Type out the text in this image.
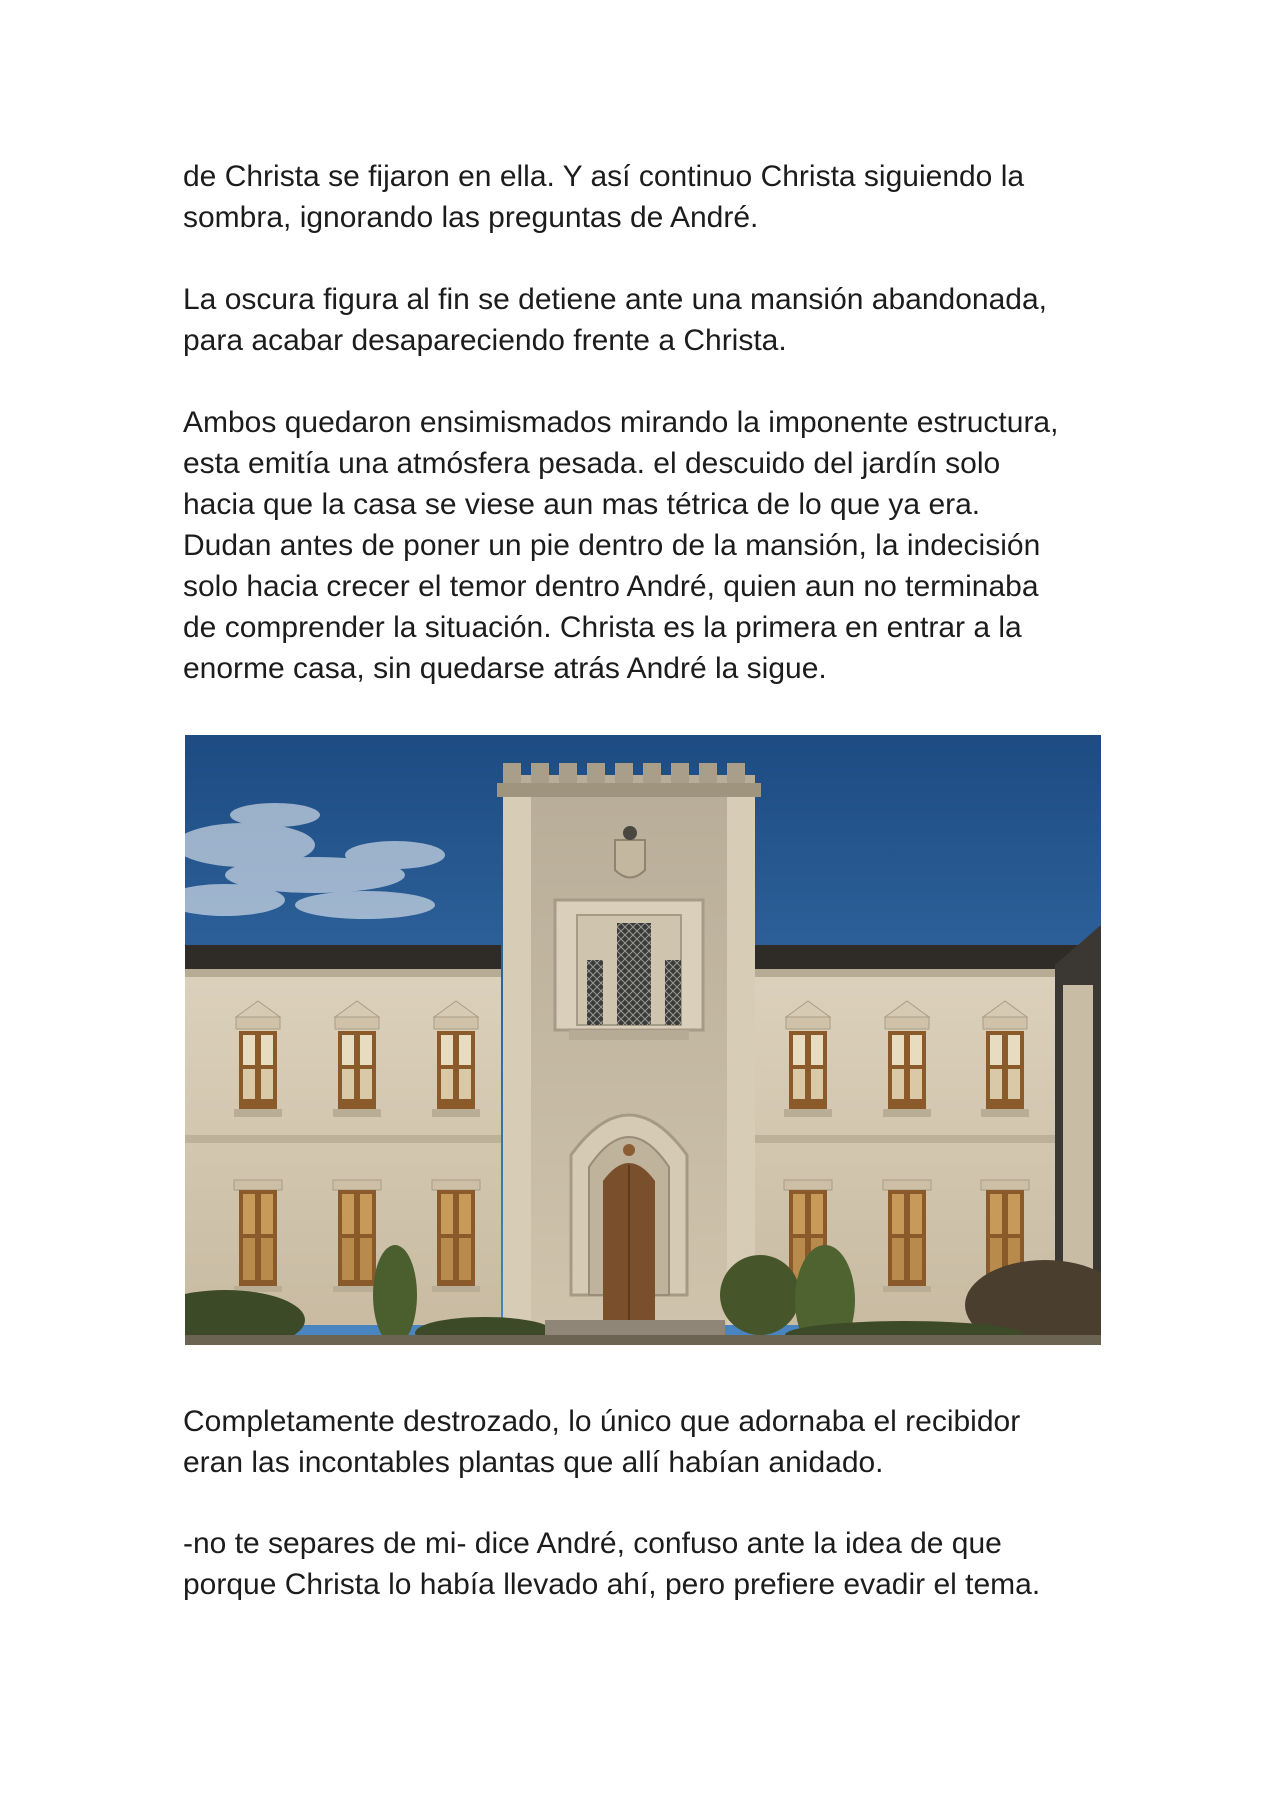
de Christa se fijaron en ella. Y así continuo Christa siguiendo la
sombra, ignorando las preguntas de André.

La oscura figura al fin se detiene ante una mansión abandonada,
para acabar desapareciendo frente a Christa.

Ambos quedaron ensimismados mirando la imponente estructura,
esta emitía una atmósfera pesada. el descuido del jardín solo
hacia que la casa se viese aun mas tétrica de lo que ya era.
Dudan antes de poner un pie dentro de la mansión, la indecisión
solo hacia crecer el temor dentro André, quien aun no terminaba
de comprender la situación. Christa es la primera en entrar a la
enorme casa, sin quedarse atrás André la sigue.

Completamente destrozado, lo único que adornaba el recibidor
eran las incontables plantas que allí habían anidado.

-no te separes de mi- dice André, confuso ante la idea de que
porque Christa lo había llevado ahí, pero prefiere evadir el tema.
